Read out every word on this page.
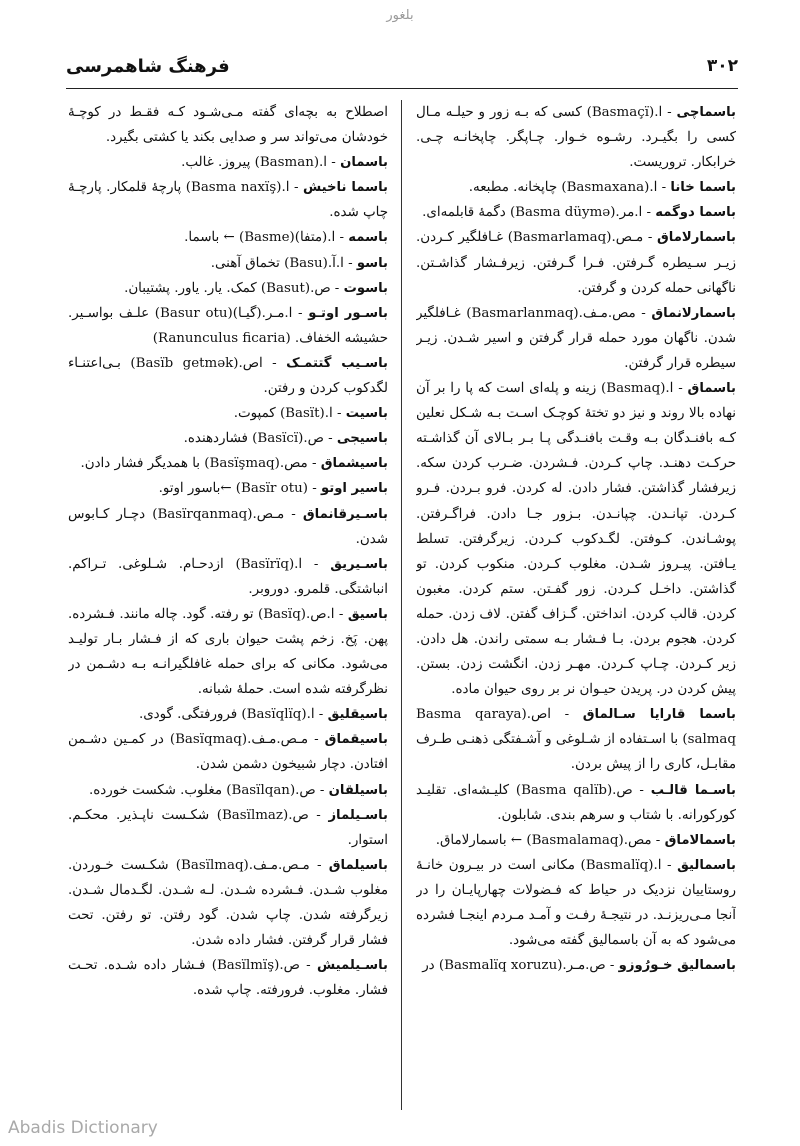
بلغور
۳۰۲
فرهنگ شاهمرسی

باسماچی - ا.(Basmaçï) کسی که بـه زور و حیلـه مـال کسی را بگیـرد. رشـوه خـوار. چـاپگر. چاپخانـه چـی. خرابکار. تروریست.

باسما خانا - ا.(Basmaxana) چاپخانه. مطبعه.

باسما دوگمه - ا.مر.(Basma düymə) دگمهٔ قابلمه‌ای.

باسمارلاماق - مـص.(Basmarlamaq) غـافلگیر کـردن. زیـر سـیطره گـرفتن. فـرا گـرفتن. زیرفـشار گذاشـتن. ناگهانی حمله کردن و گرفتن.

باسمارلانماق - مص.مـف.(Basmarlanmaq) غـافلگیر شدن. ناگهان مورد حمله قرار گرفتن و اسیر شـدن. زیـر سیطره قرار گرفتن.

باسماق - ا.(Basmaq) زینه و پله‌ای است که پا را بر آن نهاده بالا روند و نیز دو تختهٔ کوچـک اسـت بـه شـکل نعلین کـه بافنـدگان بـه وقـت بافنـدگی پـا بـر بـالای آن گذاشـته حرکـت دهنـد. چاپ کـردن. فـشردن. ضـرب کردن سکه. زیرفشار گذاشتن. فشار دادن. له کردن. فرو بـردن. فـرو کـردن. تپانـدن. چپانـدن. بـزور جـا دادن. فراگـرفتن. پوشـاندن. کـوفتن. لگـدکوب کـردن. زیرگرفتن. تسلط یـافتن. پیـروز شـدن. مغلوب کـردن. منکوب کردن. تو گذاشتن. داخـل کـردن. زور گفـتن. ستم کردن. مغبون کردن. قالب کردن. انداختن. گـزاف گفتن. لاف زدن. حمله کردن. هجوم بردن. بـا فـشار بـه سمتی راندن. هل دادن. زیر کـردن. چـاپ کـردن. مهـر زدن. انگشت زدن. بستن. پیش کردن در. پریدن حیـوان نر بر روی حیوان ماده.

باسما قارایا سـالماق - اص.(Basma qaraya salmaq) با اسـتفاده از شـلوغی و آشـفتگی ذهنـی طـرف مقابـل، کاری را از پیش بردن.

باسـما قالـب - ص.(Basma qalïb) کلیـشه‌ای. تقلیـد کورکورانه. با شتاب و سرهم بندی. شابلون.

باسمالاماق - مص.(Basmalamaq) ← باسمارلاماق.

باسمالیق - ا.(Basmalïq) مکانی است در بیـرون خانـهٔ روستاییان نزدیک در حیاط که فـضولات چهارپایـان را در آنجا مـی‌ریزنـد. در نتیجـهٔ رفـت و آمـد مـردم اینجـا فشرده می‌شود که به آن باسمالیق گفته می‌شود.

باسمالیق خـورُوزو - ص.مـر.(Basmalïq xoruzu) در

اصطلاح به بچه‌ای گفته مـی‌شـود کـه فقـط در کوچـهٔ خودشان می‌تواند سر و صدایی بکند یا کشتی بگیرد.

باسمان - ا.(Basman) پیروز. غالب.

باسما ناخیش - ا.(Basma naxïş) پارچهٔ قلمکار. پارچـهٔ چاپ شده.

باسمه - ا.(متفا)(Basme) ← باسما.

باسو - ا.آ.(Basu) تخماق آهنی.

باسوت - ص.(Basut) کمک. یار. یاور. پشتیبان.

باسـور اوتـو - ا.مـر.(گیـا)(Basur otu) علـف بواسـیر. حشیشه الخفاف. (Ranunculus ficaria)

باسـیب گتتمـک - اص.(Basïb getmək) بـی‌اعتنـاء لگدکوب کردن و رفتن.

باسیت - ا.(Basït) کمپوت.

باسیجی - ص.(Basïcï) فشاردهنده.

باسیشماق - مص.(Basïşmaq) با همدیگر فشار دادن.

باسیر اوتو - (Basïr otu) ←باسور اوتو.

باسـیرقانماق - مـص.(Basïrqanmaq) دچـار کـابوس شدن.

باسـیریق - ا.(Basïrïq) ازدحـام. شـلوغی. تـراکم. انباشتگی. قلمرو. دوروبر.

باسیق - ا.ص.(Basïq) تو رفته. گود. چاله مانند. فـشرده. پهن. پَخ. زخم پشت حیوان باری که از فـشار بـار تولیـد می‌شود. مکانی که برای حمله غافلگیرانـه بـه دشـمن در نظرگرفته شده است. حملهٔ شبانه.

باسیقلیق - ا.(Basïqlïq) فرورفتگی. گودی.

باسیقماق - مـص.مـف.(Basïqmaq) در کمـین دشـمن افتادن. دچار شبیخون دشمن شدن.

باسیلقان - ص.(Basïlqan) مغلوب. شکست خورده.

باسـیلماز - ص.(Basïlmaz) شکـست ناپـذیر. محکـم. استوار.

باسیلماق - مـص.مـف.(Basïlmaq) شکـست خـوردن. مغلوب شـدن. فـشرده شـدن. لـه شـدن. لگـدمال شـدن. زیرگرفته شدن. چاپ شدن. گود رفتن. تو رفتن. تحت فشار قرار گرفتن. فشار داده شدن.

باسـیلمیش - ص.(Basïlmïş) فـشار داده شـده. تحـت فشار. مغلوب. فرورفته. چاپ شده.

Abadis Dictionary
